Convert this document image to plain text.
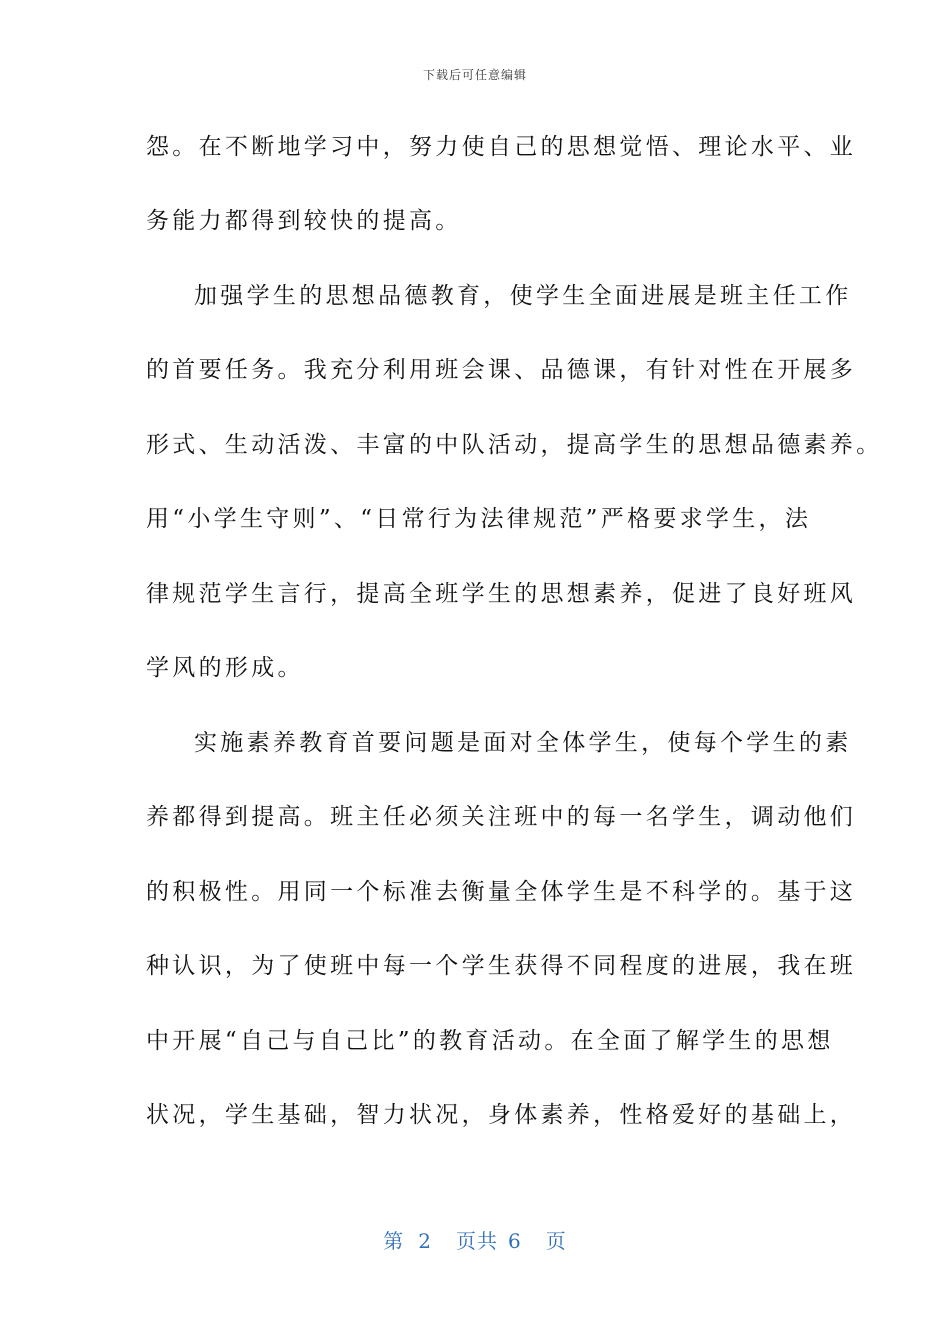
下载后可任意编辑
怨。在不断地学习中，努力使自己的思想觉悟、理论水平、业
务能力都得到较快的提高。
加强学生的思想品德教育，使学生全面进展是班主任工作
的首要任务。我充分利用班会课、品德课，有针对性在开展多
形式、生动活泼、丰富的中队活动，提高学生的思想品德素养。
用“小学生守则”、“日常行为法律规范”严格要求学生，法
律规范学生言行，提高全班学生的思想素养，促进了良好班风
学风的形成。
实施素养教育首要问题是面对全体学生，使每个学生的素
养都得到提高。班主任必须关注班中的每一名学生，调动他们
的积极性。用同一个标准去衡量全体学生是不科学的。基于这
种认识，为了使班中每一个学生获得不同程度的进展，我在班
中开展“自己与自己比”的教育活动。在全面了解学生的思想
状况，学生基础，智力状况，身体素养，性格爱好的基础上，
第 2 页共 6 页
